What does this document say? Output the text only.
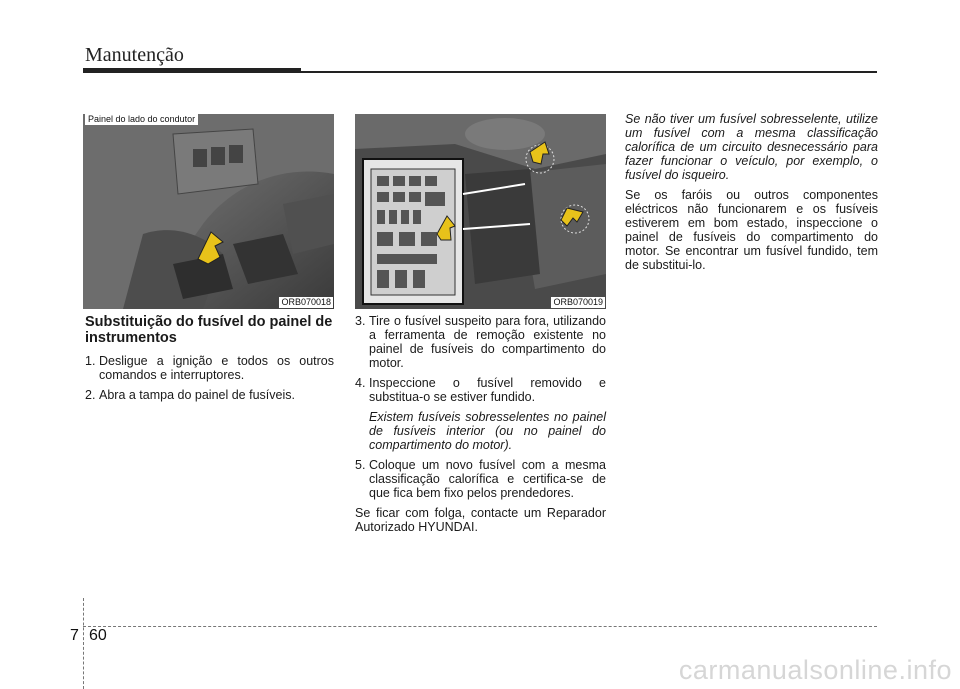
Manutenção
Painel do lado do condutor
ORB070018	ORB070019
Substituição do fusível do painel de instrumentos
1. Desligue a ignição e todos os outros comandos e interruptores.
2. Abra a tampa do painel de fusíveis.
3. Tire o fusível suspeito para fora, utilizando a ferramenta de remoção existente no painel de fusíveis do compartimento do motor.
4. Inspeccione o fusível removido e substitua-o se estiver fundido.
Existem fusíveis sobresselentes no painel de fusíveis interior (ou no painel do compartimento do motor).
5. Coloque um novo fusível com a mesma classificação calorífica e certifica-se de que fica bem fixo pelos prendedores.

Se ficar com folga, contacte um Reparador Autorizado HYUNDAI.

Se não tiver um fusível sobresselente, utilize um fusível com a mesma classificação calorífica de um circuito desnecessário para fazer funcionar o veículo, por exemplo, o fusível do isqueiro.

Se os faróis ou outros componentes eléctricos não funcionarem e os fusíveis estiverem em bom estado, inspeccione o painel de fusíveis do compartimento do motor. Se encontrar um fusível fundido, tem de substitui-lo.

7 60
carmanualsonline.info
